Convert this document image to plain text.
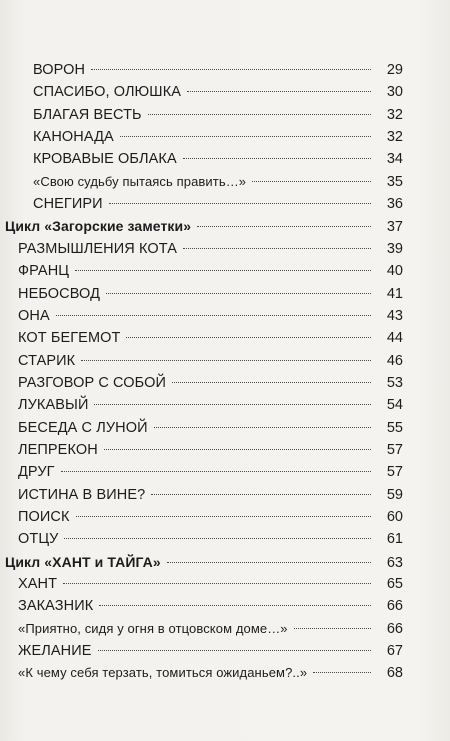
ВОРОН	29
СПАСИБО, ОЛЮШКА	30
БЛАГАЯ ВЕСТЬ	32
КАНОНАДА	32
КРОВАВЫЕ ОБЛАКА	34
«Свою судьбу пытаясь править…»	35
СНЕГИРИ	36
Цикл «Загорские заметки»	37
РАЗМЫШЛЕНИЯ КОТА	39
ФРАНЦ	40
НЕБОСВОД	41
ОНА	43
КОТ БЕГЕМОТ	44
СТАРИК	46
РАЗГОВОР С СОБОЙ	53
ЛУКАВЫЙ	54
БЕСЕДА С ЛУНОЙ	55
ЛЕПРЕКОН	57
ДРУГ	57
ИСТИНА В ВИНЕ?	59
ПОИСК	60
ОТЦУ	61
Цикл «ХАНТ и ТАЙГА»	63
ХАНТ	65
ЗАКАЗНИК	66
«Приятно, сидя у огня в отцовском доме…»	66
ЖЕЛАНИЕ	67
«К чему себя терзать, томиться ожиданьем?..»	68
